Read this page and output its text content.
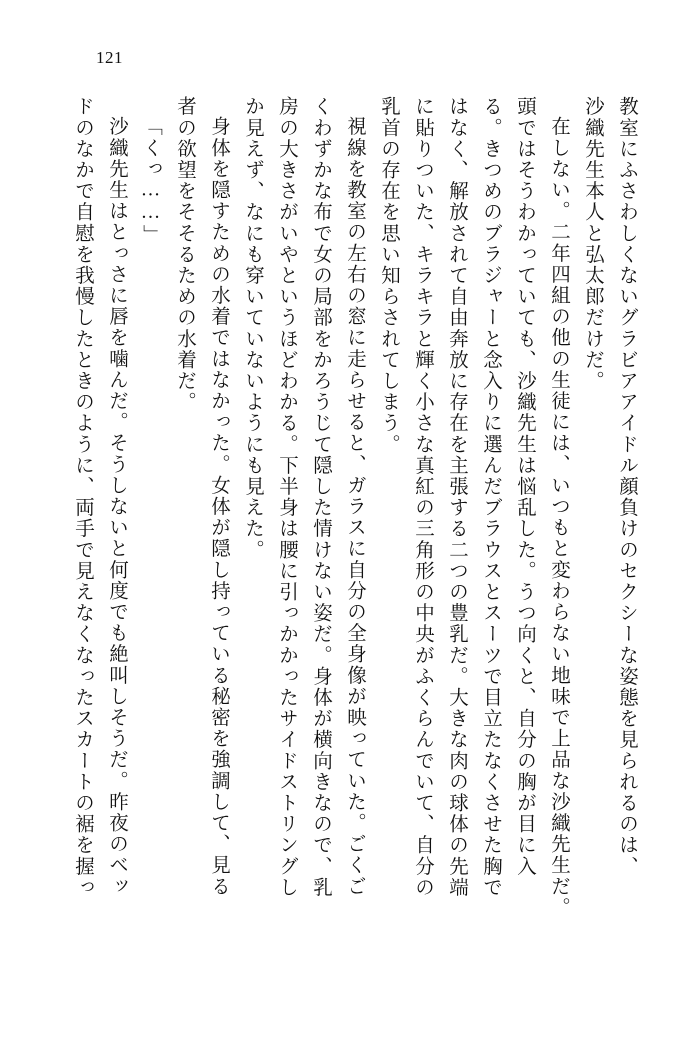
121
教室にふさわしくないグラビアアイドル顔負けのセクシーな姿態を見られるのは、
沙織先生本人と弘太郎だけだ。
在しない。二年四組の他の生徒には、いつもと変わらない地味で上品な沙織先生だ。
頭ではそうわかっていても、沙織先生は悩乱した。うつ向くと、自分の胸が目に入
る。きつめのブラジャーと念入りに選んだブラウスとスーツで目立たなくさせた胸で
はなく、解放されて自由奔放に存在を主張する二つの豊乳だ。大きな肉の球体の先端
に貼りついた、キラキラと輝く小さな真紅の三角形の中央がふくらんでいて、自分の
乳首の存在を思い知らされてしまう。
視線を教室の左右の窓に走らせると、ガラスに自分の全身像が映っていた。ごくご
くわずかな布で女の局部をかろうじて隠した情けない姿だ。身体が横向きなので、乳
房の大きさがいやというほどわかる。下半身は腰に引っかかったサイドストリングし
か見えず、なにも穿いていないようにも見えた。
身体を隠すための水着ではなかった。女体が隠し持っている秘密を強調して、見る
者の欲望をそそるための水着だ。
「くっ……」
沙織先生はとっさに唇を噛んだ。そうしないと何度でも絶叫しそうだ。昨夜のベッ
ドのなかで自慰を我慢したときのように、両手で見えなくなったスカートの裾を握っ
